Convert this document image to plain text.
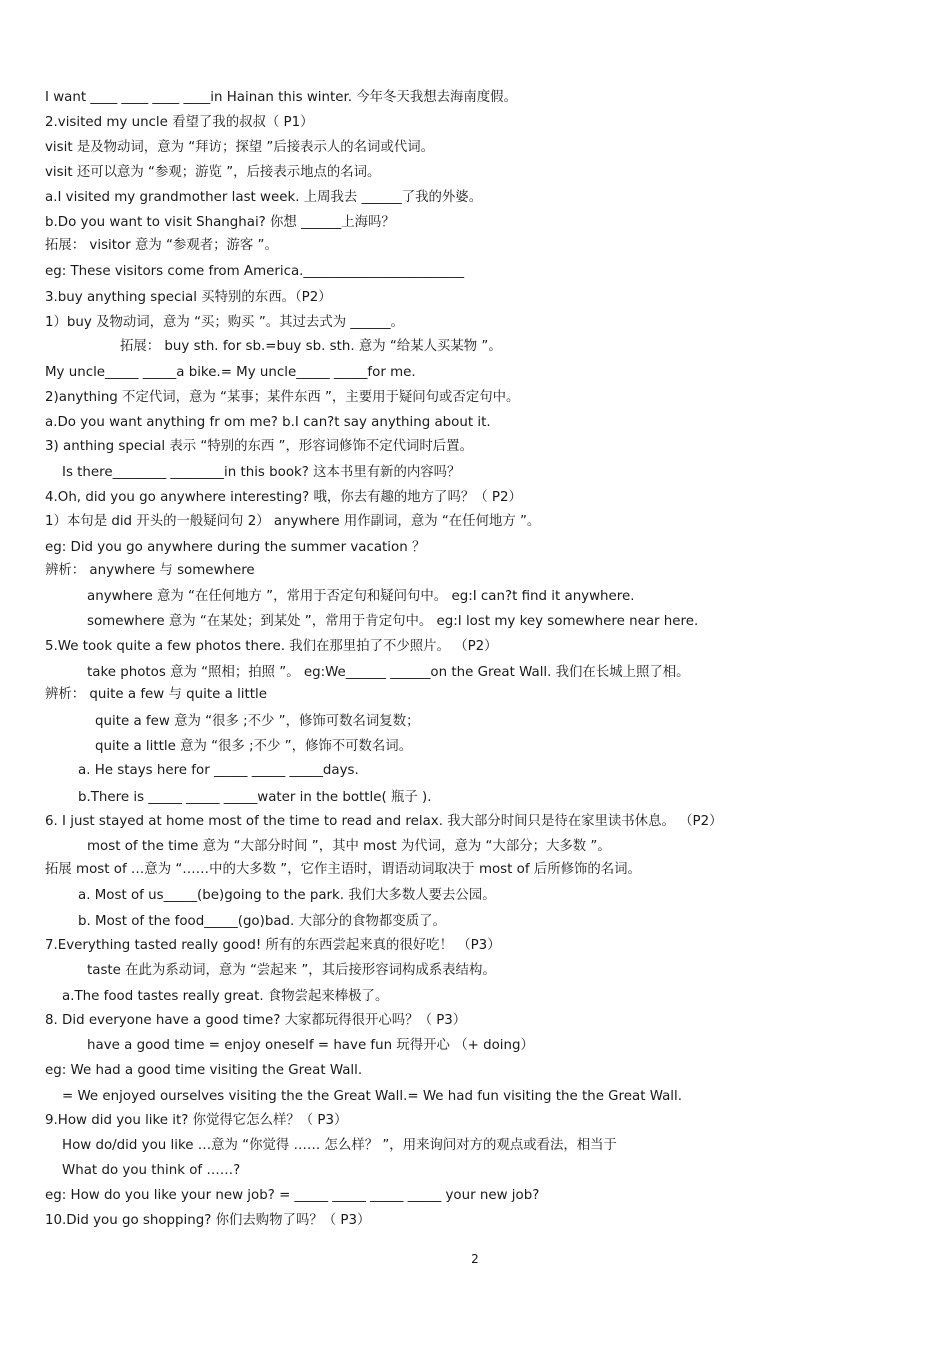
I want ____ ____ ____ ____in Hainan this winter. 今年冬天我想去海南度假。
2.visited my uncle 看望了我的叔叔（ P1）
visit 是及物动词，意为 “拜访；探望 ”后接表示人的名词或代词。
visit 还可以意为 “参观；游览 ”，后接表示地点的名词。
a.I visited my grandmother last week. 上周我去 ______了我的外婆。
b.Do you want to visit Shanghai? 你想 ______上海吗？
拓展： visitor 意为 “参观者；游客 ”。
eg: These visitors come from America.________________________
3.buy anything special 买特别的东西。（P2）
1）buy 及物动词，意为 “买；购买 ”。其过去式为 ______。
拓展： buy sth. for sb.=buy sb. sth. 意为 “给某人买某物 ”。
My uncle_____ _____a bike.= My uncle_____ _____for me.
2)anything 不定代词，意为 “某事；某件东西 ”，主要用于疑问句或否定句中。
a.Do you want anything fr om me? b.I can?t say anything about it.
3) anthing special 表示 “特别的东西 ”，形容词修饰不定代词时后置。
Is there________ ________in this book? 这本书里有新的内容吗？
4.Oh, did you go anywhere interesting? 哦，你去有趣的地方了吗？（ P2）
1）本句是 did 开头的一般疑问句 2） anywhere 用作副词，意为 “在任何地方 ”。
eg: Did you go anywhere during the summer vacation ？
辨析： anywhere 与 somewhere
anywhere 意为 “在任何地方 ”，常用于否定句和疑问句中。 eg:I can?t find it anywhere.
somewhere 意为 “在某处；到某处 ”，常用于肯定句中。 eg:I lost my key somewhere near here.
5.We took quite a few photos there. 我们在那里拍了不少照片。 （P2）
take photos 意为 “照相；拍照 ”。 eg:We______ ______on the Great Wall. 我们在长城上照了相。
辨析： quite a few 与 quite a little
quite a few 意为 “很多 ;不少 ”，修饰可数名词复数；
quite a little 意为 “很多 ;不少 ”，修饰不可数名词。
a. He stays here for _____ _____ _____days.
b.There is _____ _____ _____water in the bottle( 瓶子 ).
6. I just stayed at home most of the time to read and relax. 我大部分时间只是待在家里读书休息。 （P2）
most of the time 意为 “大部分时间 ”，其中 most 为代词，意为 “大部分；大多数 ”。
拓展 most of …意为 “……中的大多数 ”，它作主语时，谓语动词取决于 most of 后所修饰的名词。
a. Most of us_____(be)going to the park. 我们大多数人要去公园。
b. Most of the food_____(go)bad. 大部分的食物都变质了。
7.Everything tasted really good! 所有的东西尝起来真的很好吃！ （P3）
taste 在此为系动词，意为 “尝起来 ”，其后接形容词构成系表结构。
a.The food tastes really great. 食物尝起来棒极了。
8. Did everyone have a good time? 大家都玩得很开心吗？（ P3）
have a good time = enjoy oneself = have fun 玩得开心 （+ doing）
eg: We had a good time visiting the Great Wall.
= We enjoyed ourselves visiting the the Great Wall.= We had fun visiting the the Great Wall.
9.How did you like it? 你觉得它怎么样？（ P3）
How do/did you like …意为 “你觉得 …… 怎么样？ ”，用来询问对方的观点或看法，相当于
What do you think of ……?
eg: How do you like your new job? = _____ _____ _____ _____ your new job?
10.Did you go shopping? 你们去购物了吗？（ P3）
2
